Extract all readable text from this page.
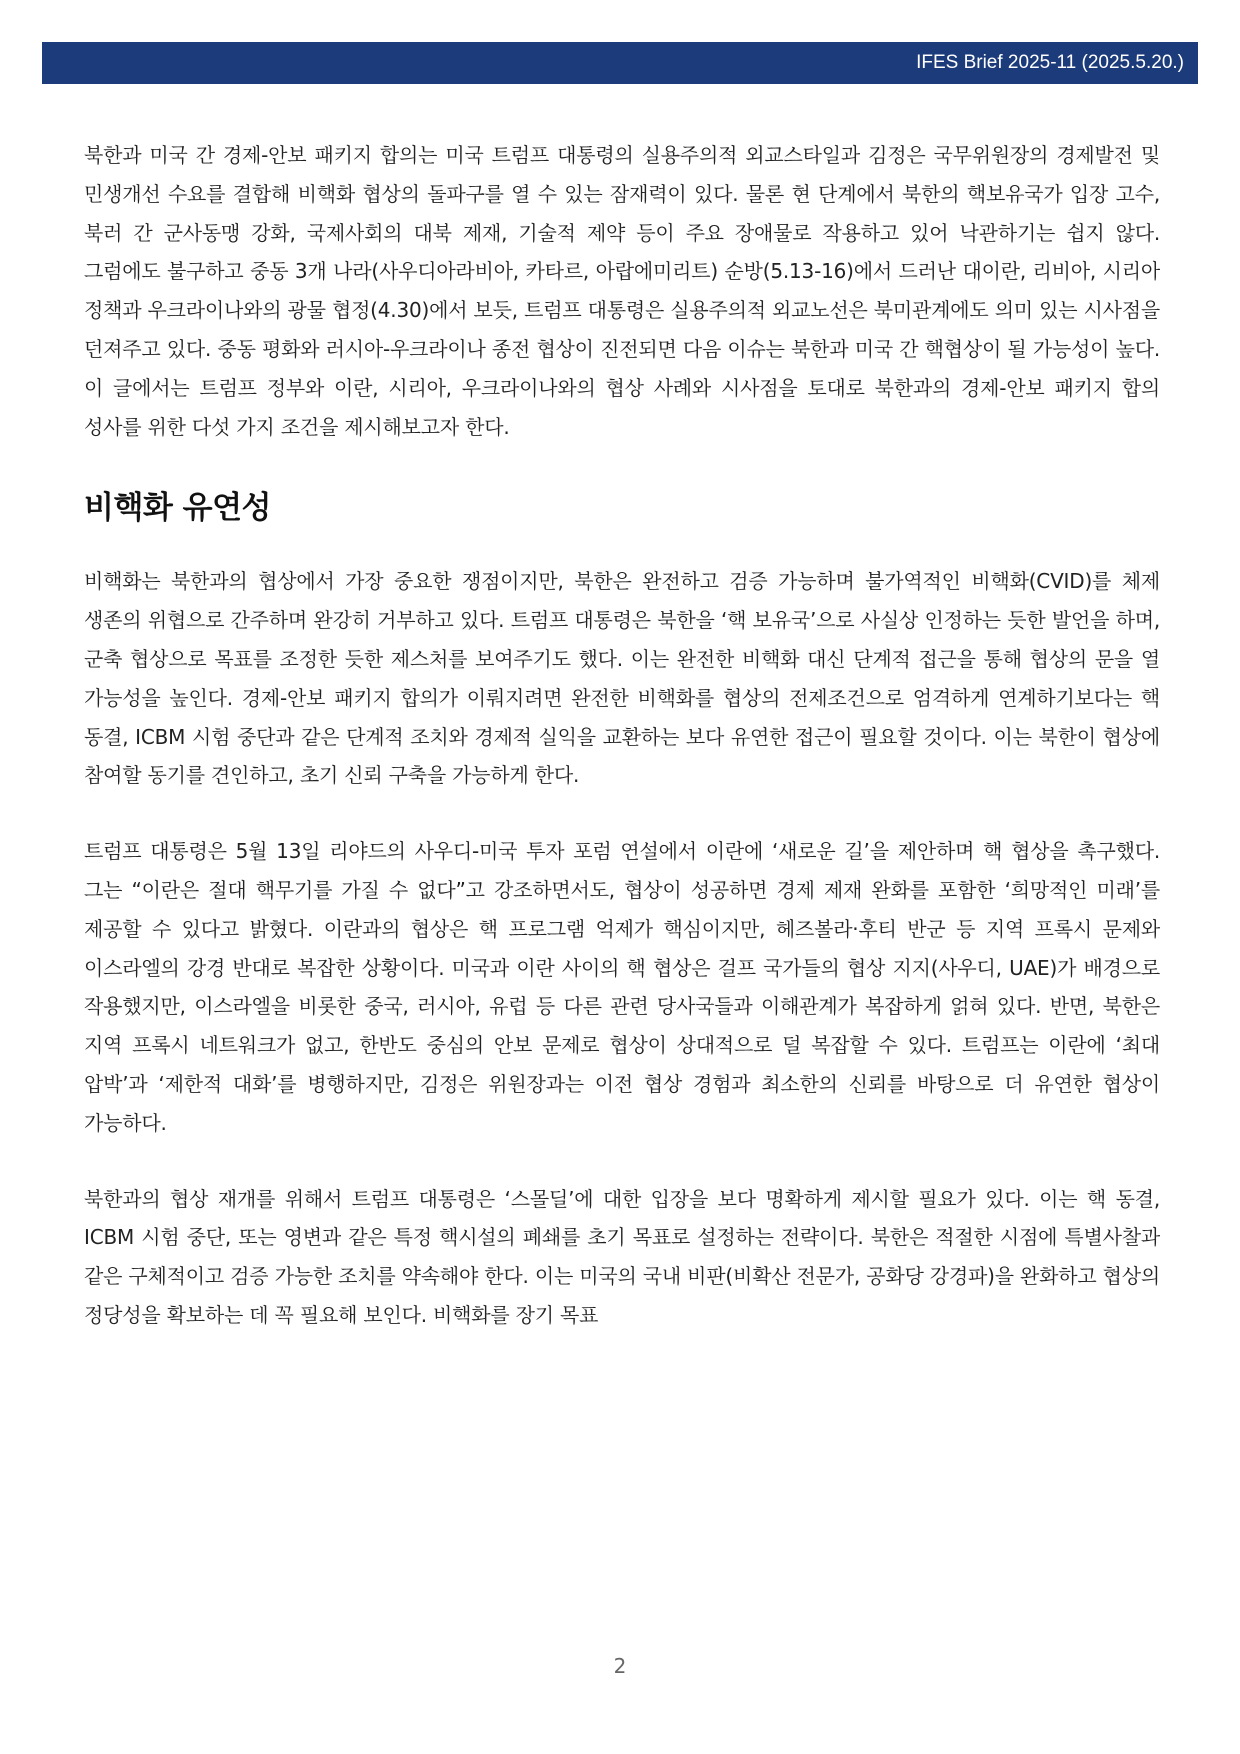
IFES Brief 2025-11 (2025.5.20.)

북한과 미국 간 경제-안보 패키지 합의는 미국 트럼프 대통령의 실용주의적 외교스타일과 김정은 국무위원장의 경제발전 및 민생개선 수요를 결합해 비핵화 협상의 돌파구를 열 수 있는 잠재력이 있다. 물론 현 단계에서 북한의 핵보유국가 입장 고수, 북러 간 군사동맹 강화, 국제사회의 대북 제재, 기술적 제약 등이 주요 장애물로 작용하고 있어 낙관하기는 쉽지 않다. 그럼에도 불구하고 중동 3개 나라(사우디아라비아, 카타르, 아랍에미리트) 순방(5.13-16)에서 드러난 대이란, 리비아, 시리아 정책과 우크라이나와의 광물 협정(4.30)에서 보듯, 트럼프 대통령은 실용주의적 외교노선은 북미관계에도 의미 있는 시사점을 던져주고 있다. 중동 평화와 러시아-우크라이나 종전 협상이 진전되면 다음 이슈는 북한과 미국 간 핵협상이 될 가능성이 높다. 이 글에서는 트럼프 정부와 이란, 시리아, 우크라이나와의 협상 사례와 시사점을 토대로 북한과의 경제-안보 패키지 합의 성사를 위한 다섯 가지 조건을 제시해보고자 한다.

비핵화 유연성

비핵화는 북한과의 협상에서 가장 중요한 쟁점이지만, 북한은 완전하고 검증 가능하며 불가역적인 비핵화(CVID)를 체제 생존의 위협으로 간주하며 완강히 거부하고 있다. 트럼프 대통령은 북한을 ‘핵 보유국’으로 사실상 인정하는 듯한 발언을 하며, 군축 협상으로 목표를 조정한 듯한 제스처를 보여주기도 했다. 이는 완전한 비핵화 대신 단계적 접근을 통해 협상의 문을 열 가능성을 높인다. 경제-안보 패키지 합의가 이뤄지려면 완전한 비핵화를 협상의 전제조건으로 엄격하게 연계하기보다는 핵 동결, ICBM 시험 중단과 같은 단계적 조치와 경제적 실익을 교환하는 보다 유연한 접근이 필요할 것이다. 이는 북한이 협상에 참여할 동기를 견인하고, 초기 신뢰 구축을 가능하게 한다.

트럼프 대통령은 5월 13일 리야드의 사우디-미국 투자 포럼 연설에서 이란에 ‘새로운 길’을 제안하며 핵 협상을 촉구했다. 그는 “이란은 절대 핵무기를 가질 수 없다”고 강조하면서도, 협상이 성공하면 경제 제재 완화를 포함한 ‘희망적인 미래’를 제공할 수 있다고 밝혔다. 이란과의 협상은 핵 프로그램 억제가 핵심이지만, 헤즈볼라·후티 반군 등 지역 프록시 문제와 이스라엘의 강경 반대로 복잡한 상황이다. 미국과 이란 사이의 핵 협상은 걸프 국가들의 협상 지지(사우디, UAE)가 배경으로 작용했지만, 이스라엘을 비롯한 중국, 러시아, 유럽 등 다른 관련 당사국들과 이해관계가 복잡하게 얽혀 있다. 반면, 북한은 지역 프록시 네트워크가 없고, 한반도 중심의 안보 문제로 협상이 상대적으로 덜 복잡할 수 있다. 트럼프는 이란에 ‘최대 압박’과 ‘제한적 대화’를 병행하지만, 김정은 위원장과는 이전 협상 경험과 최소한의 신뢰를 바탕으로 더 유연한 협상이 가능하다.

북한과의 협상 재개를 위해서 트럼프 대통령은 ‘스몰딜’에 대한 입장을 보다 명확하게 제시할 필요가 있다. 이는 핵 동결, ICBM 시험 중단, 또는 영변과 같은 특정 핵시설의 폐쇄를 초기 목표로 설정하는 전략이다. 북한은 적절한 시점에 특별사찰과 같은 구체적이고 검증 가능한 조치를 약속해야 한다. 이는 미국의 국내 비판(비확산 전문가, 공화당 강경파)을 완화하고 협상의 정당성을 확보하는 데 꼭 필요해 보인다. 비핵화를 장기 목표

2
